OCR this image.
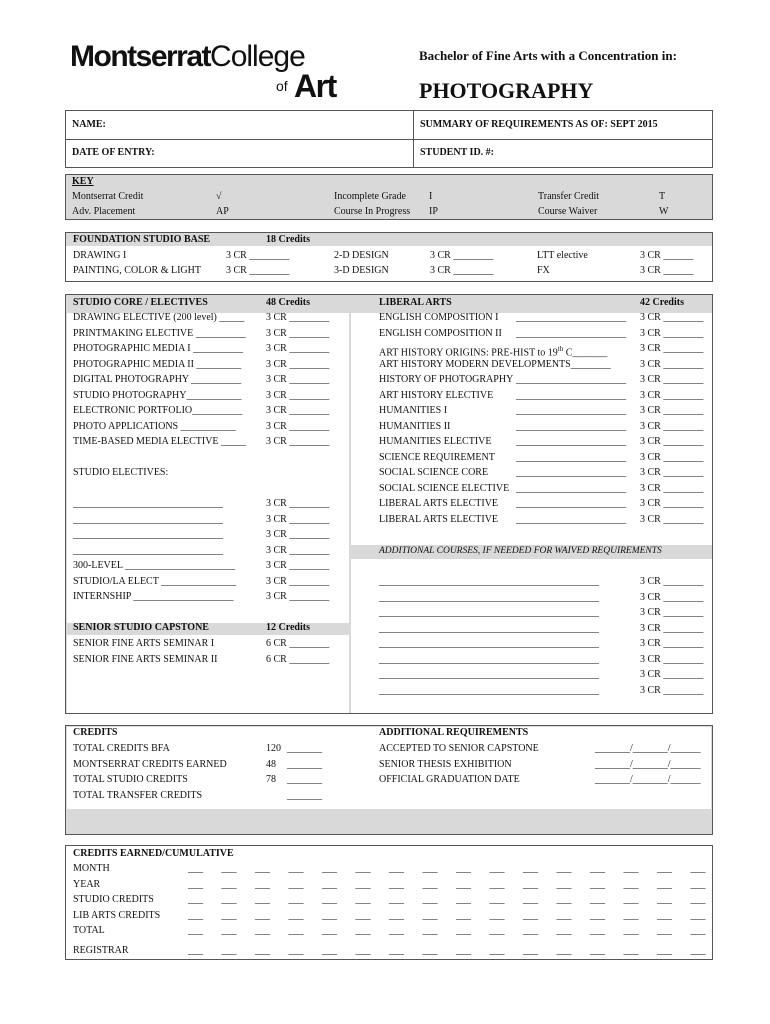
MontserratCollege
of Art
Bachelor of Fine Arts with a Concentration in:
PHOTOGRAPHY
NAME:	SUMMARY OF REQUIREMENTS AS OF: SEPT 2015
DATE OF ENTRY:	STUDENT ID. #:
KEY
Montserrat Credit	√	Incomplete Grade I	Transfer Credit	T
Adv. Placement	AP	Course In Progress IP	Course Waiver	W
FOUNDATION STUDIO BASE	18 Credits
DRAWING I	3 CR ________	2-D DESIGN	3 CR ________	LTT elective	3 CR ______
PAINTING, COLOR & LIGHT	3 CR ________	3-D DESIGN	3 CR ________	FX	3 CR ______
STUDIO CORE / ELECTIVES	48 Credits
STUDIO ELECTIVES:
SENIOR STUDIO CAPSTONE	12 Credits
LIBERAL ARTS	42 Credits
ADDITIONAL COURSES, IF NEEDED FOR WAIVED REQUIREMENTS
CREDITS	ADDITIONAL REQUIREMENTS
CREDITS EARNED/CUMULATIVE
DRAWING ELECTIVE (200 level) _____ 3 CR ________
PRINTMAKING ELECTIVE __________ 3 CR ________
PHOTOGRAPHIC MEDIA I __________ 3 CR ________
PHOTOGRAPHIC MEDIA II _________ 3 CR ________
DIGITAL PHOTOGRAPHY __________ 3 CR ________
STUDIO PHOTOGRAPHY___________ 3 CR ________
ELECTRONIC PORTFOLIO__________ 3 CR ________
PHOTO APPLICATIONS ___________	3 CR ________
TIME-BASED MEDIA ELECTIVE _____ 3 CR ________
______________________________	3 CR ________
______________________________	3 CR ________
______________________________	3 CR ________
______________________________	3 CR ________
300-LEVEL ______________________	3 CR ________
STUDIO/LA ELECT _______________	3 CR ________
INTERNSHIP ____________________	3 CR ________
SENIOR FINE ARTS SEMINAR I	6 CR ________
SENIOR FINE ARTS SEMINAR II	6 CR ________
ENGLISH COMPOSITION I ______________________ 3 CR ________
ENGLISH COMPOSITION II ______________________ 3 CR ________
ART HISTORY ORIGINS: PRE-HIST to 19th C_______	3 CR ________
ART HISTORY MODERN DEVELOPMENTS________	3 CR ________
HISTORY OF PHOTOGRAPHY ______________________ 3 CR ________
ART HISTORY ELECTIVE ______________________ 3 CR ________
HUMANITIES I	______________________ 3 CR ________
HUMANITIES II	______________________ 3 CR ________
HUMANITIES ELECTIVE ______________________ 3 CR ________
SCIENCE REQUIREMENT ______________________ 3 CR ________
SOCIAL SCIENCE CORE	______________________ 3 CR ________
SOCIAL SCIENCE ELECTIVE ______________________ 3 CR ________
LIBERAL ARTS ELECTIVE ______________________ 3 CR ________
LIBERAL ARTS ELECTIVE ______________________ 3 CR ________
____________________________________________	3 CR ________
____________________________________________	3 CR ________
____________________________________________	3 CR ________
____________________________________________	3 CR ________
____________________________________________	3 CR ________
____________________________________________	3 CR ________
____________________________________________	3 CR ________
____________________________________________	3 CR ________
TOTAL CREDITS BFA	120 _______
MONTSERRAT CREDITS EARNED	48 _______
TOTAL STUDIO CREDITS	78 _______
TOTAL TRANSFER CREDITS	_______
ACCEPTED TO SENIOR CAPSTONE	_______/_______/______
SENIOR THESIS EXHIBITION	_______/_______/______
OFFICIAL GRADUATION DATE	_______/_______/______
MONTH	___ ___ ___ ___ ___ ___ ___ ___ ___ ___ ___ ___ ___ ___ ___ ___
YEAR	___ ___ ___ ___ ___ ___ ___ ___ ___ ___ ___ ___ ___ ___ ___ ___
STUDIO CREDITS	___ ___ ___ ___ ___ ___ ___ ___ ___ ___ ___ ___ ___ ___ ___ ___
LIB ARTS CREDITS	___ ___ ___ ___ ___ ___ ___ ___ ___ ___ ___ ___ ___ ___ ___ ___
TOTAL	___ ___ ___ ___ ___ ___ ___ ___ ___ ___ ___ ___ ___ ___ ___ ___
REGISTRAR	___ ___ ___ ___ ___ ___ ___ ___ ___ ___ ___ ___ ___ ___ ___ ___
